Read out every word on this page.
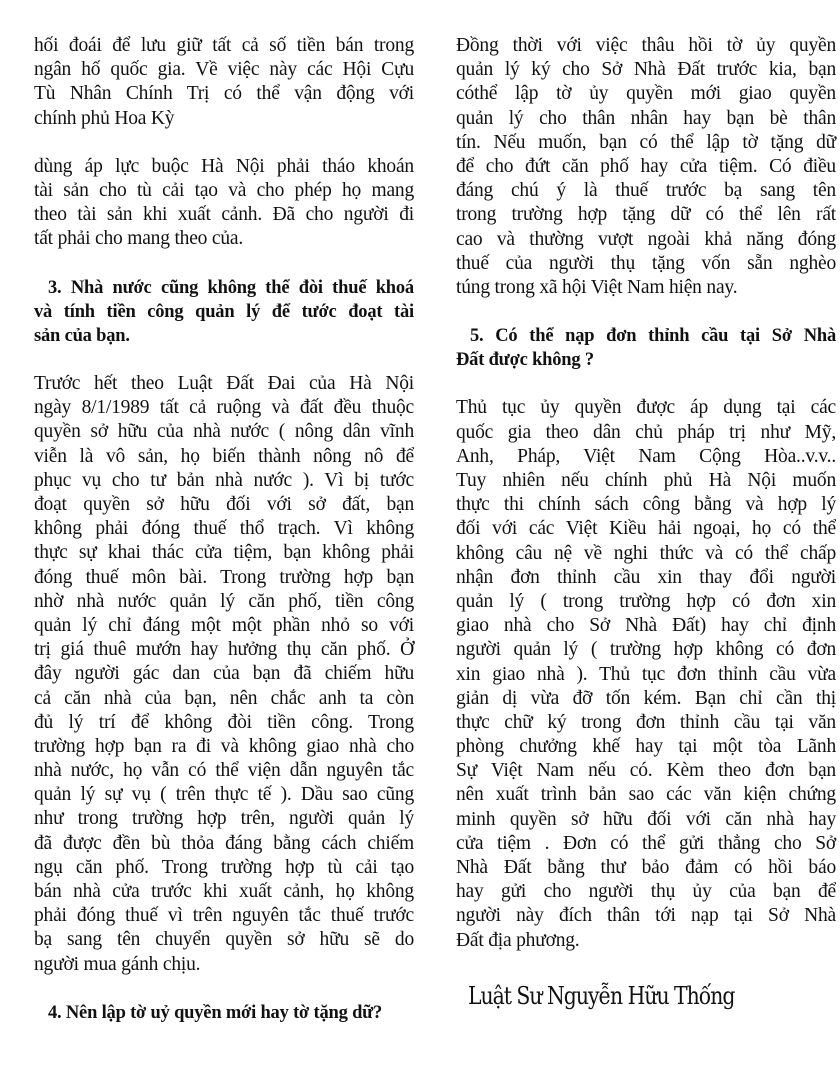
hối đoái để lưu giữ tất cả số tiền bán trong
ngân hố quốc gia. Về việc này các Hội Cựu
Tù Nhân Chính Trị có thể vận động với
chính phủ Hoa Kỳ
dùng áp lực buộc Hà Nội phải tháo khoán
tài sản cho tù cải tạo và cho phép họ mang
theo tài sản khi xuất cảnh. Đã cho người đi
tất phải cho mang theo của.
3. Nhà nước cũng không thể đòi thuế khoá
và tính tiền công quản lý để tước đoạt tài
sản của bạn.
Trước hết theo Luật Đất Đai của Hà Nội
ngày 8/1/1989 tất cả ruộng và đất đều thuộc
quyền sở hữu của nhà nước ( nông dân vĩnh
viễn là vô sản, họ biến thành nông nô để
phục vụ cho tư bản nhà nước ). Vì bị tước
đoạt quyền sở hữu đối với sở đất, bạn
không phải đóng thuế thổ trạch. Vì không
thực sự khai thác cửa tiệm, bạn không phải
đóng thuế môn bài. Trong trường hợp bạn
nhờ nhà nước quản lý căn phố, tiền công
quản lý chỉ đáng một một phần nhỏ so với
trị giá thuê mướn hay hưởng thụ căn phố. Ở
đây người gác dan của bạn đã chiếm hữu
cả căn nhà của bạn, nên chắc anh ta còn
đủ lý trí để không đòi tiền công. Trong
trường hợp bạn ra đi và không giao nhà cho
nhà nước, họ vẫn có thể viện dẫn nguyên tắc
quản lý sự vụ ( trên thực tế ). Dầu sao cũng
như trong trường hợp trên, người quản lý
đã được đền bù thỏa đáng bằng cách chiếm
ngụ căn phố. Trong trường hợp tù cải tạo
bán nhà cửa trước khi xuất cảnh, họ không
phải đóng thuế vì trên nguyên tắc thuế trước
bạ sang tên chuyển quyền sở hữu sẽ do
người mua gánh chịu.
4. Nên lập tờ uỷ quyền mới hay tờ tặng dữ?
Đồng thời với việc thâu hồi tờ ủy quyền
quản lý ký cho Sở Nhà Đất trước kia, bạn
cóthể lập tờ ủy quyền mới giao quyền
quản lý cho thân nhân hay bạn bè thân
tín. Nếu muốn, bạn có thể lập tờ tặng dữ
để cho đứt căn phố hay cửa tiệm. Có điều
đáng chú ý là thuế trước bạ sang tên
trong trường hợp tặng dữ có thể lên rất
cao và thường vượt ngoài khả năng đóng
thuế của người thụ tặng vốn sẵn nghèo
túng trong xã hội Việt Nam hiện nay.
5. Có thể nạp đơn thỉnh cầu tại Sở Nhà
Đất được không ?
Thủ tục ủy quyền được áp dụng tại các
quốc gia theo dân chủ pháp trị như Mỹ,
Anh, Pháp, Việt Nam Cộng Hòa..v.v..
Tuy nhiên nếu chính phủ Hà Nội muốn
thực thi chính sách công bằng và hợp lý
đối với các Việt Kiều hải ngoại, họ có thể
không câu nệ về nghi thức và có thể chấp
nhận đơn thỉnh cầu xin thay đổi người
quản lý ( trong trường hợp có đơn xin
giao nhà cho Sở Nhà Đất) hay chỉ định
người quản lý ( trường hợp không có đơn
xin giao nhà ). Thủ tục đơn thỉnh cầu vừa
giản dị vừa đỡ tốn kém. Bạn chỉ cần thị
thực chữ ký trong đơn thỉnh cầu tại văn
phòng chưởng khế hay tại một tòa Lãnh
Sự Việt Nam nếu có. Kèm theo đơn bạn
nên xuất trình bản sao các văn kiện chứng
minh quyền sở hữu đối với căn nhà hay
cửa tiệm . Đơn có thể gửi thẳng cho Sở
Nhà Đất bằng thư bảo đảm có hồi báo
hay gửi cho người thụ ủy của bạn để
người này đích thân tới nạp tại Sở Nhà
Đất địa phương.
Luật Sư Nguyễn Hữu Thống
